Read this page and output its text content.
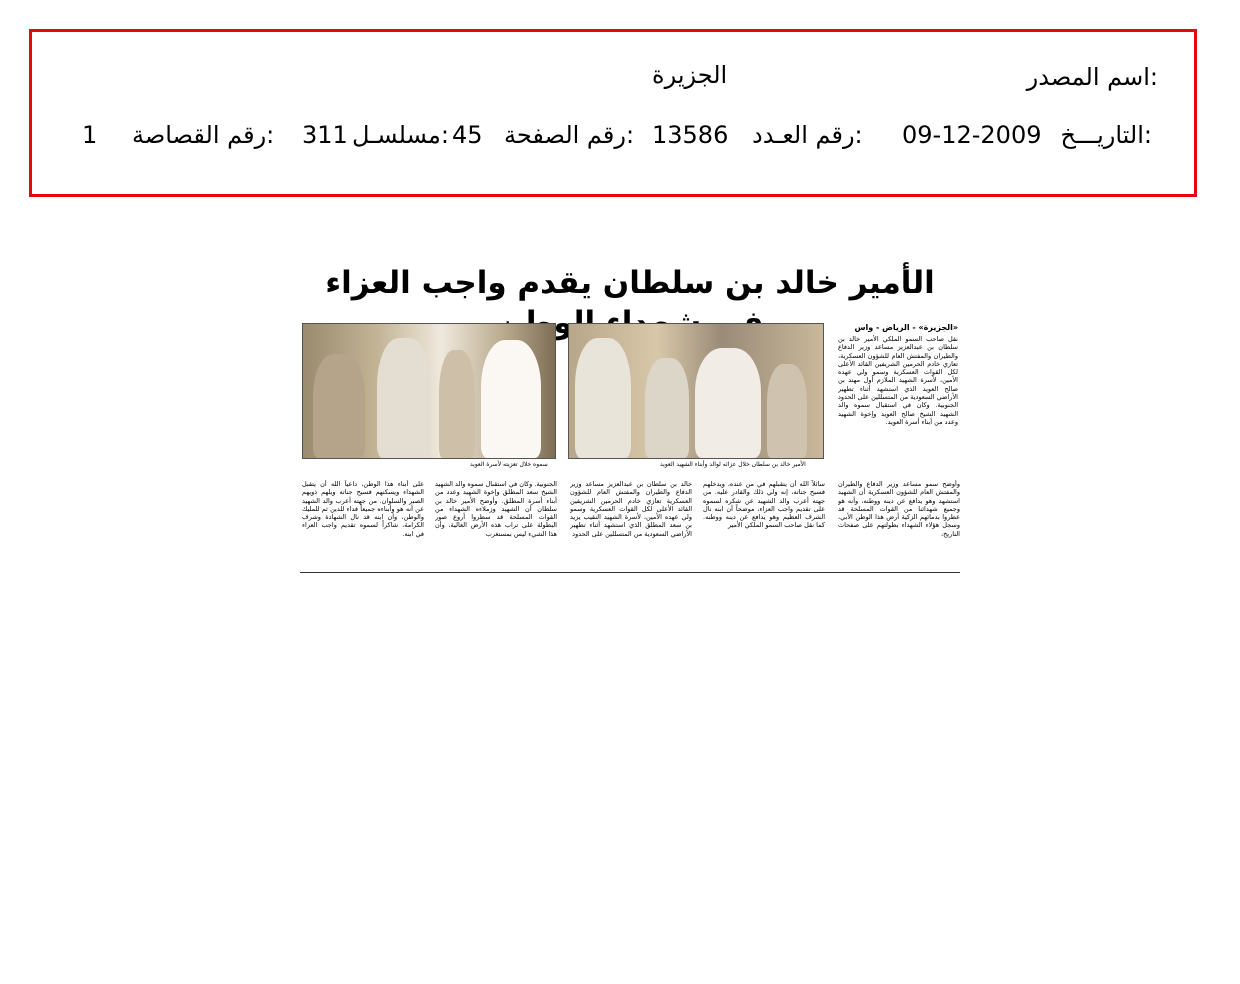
اسم المصدر:
الجزيرة
التاريـــخ:
09-12-2009
رقم العـدد:
13586
رقم الصفحة:
45
مسلسـل:
311
رقم القصاصة:
1
الأمير خالد بن سلطان يقدم واجب العزاء
«الجزيرة» - الرياض - واس
الأمير خالد بن سلطان خلال عزائه لوالد وأبناء الشهيد العويد
سموه خلال تعزيته لأسرة العويد
نقل صاحب السمو الملكي الأمير خالد بن سلطان بن عبدالعزيز مساعد وزير الدفاع والطيران والمفتش العام للشؤون العسكرية، تعازي خادم الحرمين الشريفين القائد الأعلى لكل القوات العسكرية وسمو ولي عهده الأمين، لأسرة الشهيد الملازم أول مهند بن صالح العويد الذي استشهد أثناء تطهير الأراضي السعودية من المتسللين على الحدود الجنوبية. وكان في استقبال سموه والد الشهيد الشيخ صالح العويد وإخوة الشهيد وعدد من أبناء أسرة العويد.
وأوضح سمو مساعد وزير الدفاع والطيران والمفتش العام للشؤون العسكرية أن الشهيد استشهد وهو يدافع عن دينه ووطنه، وأنه هو وجميع شهدائنا من القوات المسلحة قد عطروا بدمائهم الزكية أرض هذا الوطن الأبي، وسجل هؤلاء الشهداء بطولتهم على صفحات التاريخ،
سائلاً الله أن يتقبلهم في من عنده، ويدخلهم فسيح جناته، إنه ولي ذلك والقادر عليه. من جهته أعرب والد الشهيد عن شكره لسموه على تقديم واجب العزاء، موضحاً أن ابنه نال الشرف العظيم وهو يدافع عن دينه ووطنه. كما نقل صاحب السمو الملكي الأمير
خالد بن سلطان بن عبدالعزيز مساعد وزير الدفاع والطيران والمفتش العام للشؤون العسكرية تعازي خادم الحرمين الشريفين القائد الأعلى لكل القوات العسكرية وسمو ولي عهده الأمين، لأسرة الشهيد النقيب يزيد بن سعد المطلق الذي استشهد أثناء تطهير الأراضي السعودية من المتسللين على الحدود
الجنوبية. وكان في استقبال سموه والد الشهيد الشيخ سعد المطلق وإخوة الشهيد وعدد من أبناء أسرة المطلق. وأوضح الأمير خالد بن سلطان أن الشهيد وزملاءه الشهداء من القوات المسلحة قد سطروا أروع صور البطولة على تراب هذه الأرض الغالية، وأن هذا الشيء ليس بمستغرب
على أبناء هذا الوطن، داعياً الله أن يتقبل الشهداء ويسكنهم فسيح جناته ويلهم ذويهم الصبر والسلوان. من جهته أعرب والد الشهيد عن أنه هو وأبناءه جميعاً فداء للدين ثم للمليك والوطن، وأن ابنه قد نال الشهادة وشرف الكرامة، شاكراً لسموه تقديم واجب العزاء في ابنه.
